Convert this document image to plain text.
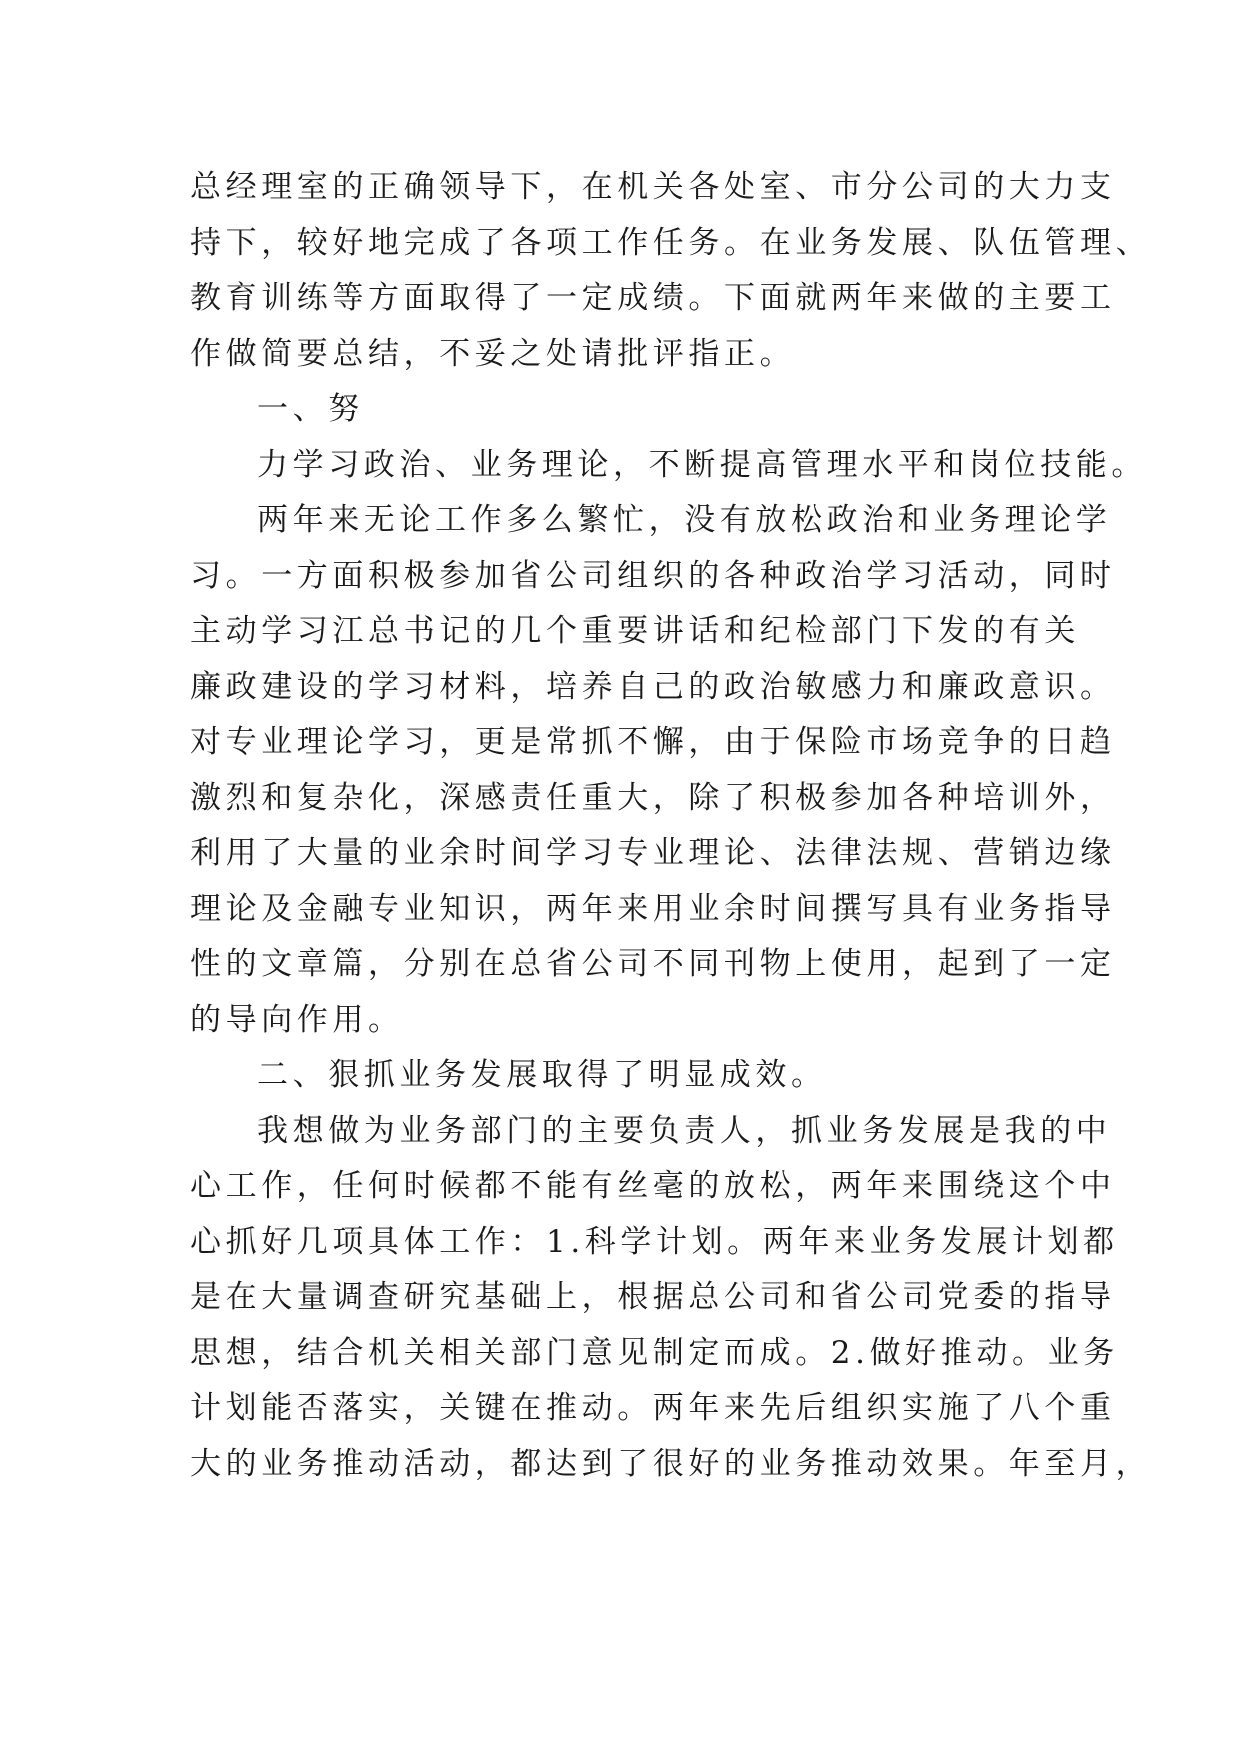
总经理室的正确领导下，在机关各处室、市分公司的大力支
持下，较好地完成了各项工作任务。在业务发展、队伍管理、
教育训练等方面取得了一定成绩。下面就两年来做的主要工
作做简要总结，不妥之处请批评指正。
一、努
力学习政治、业务理论，不断提高管理水平和岗位技能。
两年来无论工作多么繁忙，没有放松政治和业务理论学
习。一方面积极参加省公司组织的各种政治学习活动，同时
主动学习江总书记的几个重要讲话和纪检部门下发的有关
廉政建设的学习材料，培养自己的政治敏感力和廉政意识。
对专业理论学习，更是常抓不懈，由于保险市场竞争的日趋
激烈和复杂化，深感责任重大，除了积极参加各种培训外，
利用了大量的业余时间学习专业理论、法律法规、营销边缘
理论及金融专业知识，两年来用业余时间撰写具有业务指导
性的文章篇，分别在总省公司不同刊物上使用，起到了一定
的导向作用。
二、狠抓业务发展取得了明显成效。
我想做为业务部门的主要负责人，抓业务发展是我的中
心工作，任何时候都不能有丝毫的放松，两年来围绕这个中
心抓好几项具体工作：1.科学计划。两年来业务发展计划都
是在大量调查研究基础上，根据总公司和省公司党委的指导
思想，结合机关相关部门意见制定而成。2.做好推动。业务
计划能否落实，关键在推动。两年来先后组织实施了八个重
大的业务推动活动，都达到了很好的业务推动效果。年至月，
